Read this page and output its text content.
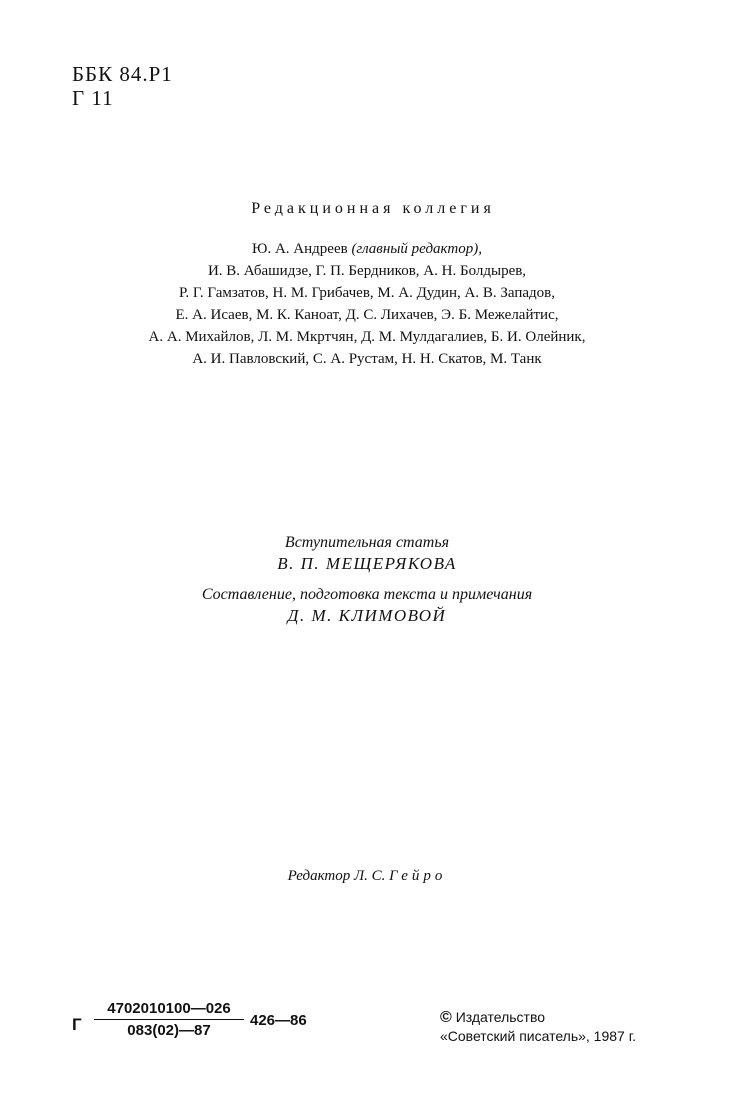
ББК 84.Р1
Г 11
Редакционная коллегия
Ю. А. Андреев (главный редактор),
И. В. Абашидзе, Г. П. Бердников, А. Н. Болдырев,
Р. Г. Гамзатов, Н. М. Грибачев, М. А. Дудин, А. В. Западов,
Е. А. Исаев, М. К. Каноат, Д. С. Лихачев, Э. Б. Межелайтис,
А. А. Михайлов, Л. М. Мкртчян, Д. М. Мулдагалиев, Б. И. Олейник,
А. И. Павловский, С. А. Рустам, Н. Н. Скатов, М. Танк
Вступительная статья
В. П. МЕЩЕРЯКОВА
Составление, подготовка текста и примечания
Д. М. КЛИМОВОЙ
Редактор Л. С. Гейро
Г $\frac{4702010100—026}{083(02)—87}$ 426—86	© Издательство
«Советский писатель», 1987 г.
